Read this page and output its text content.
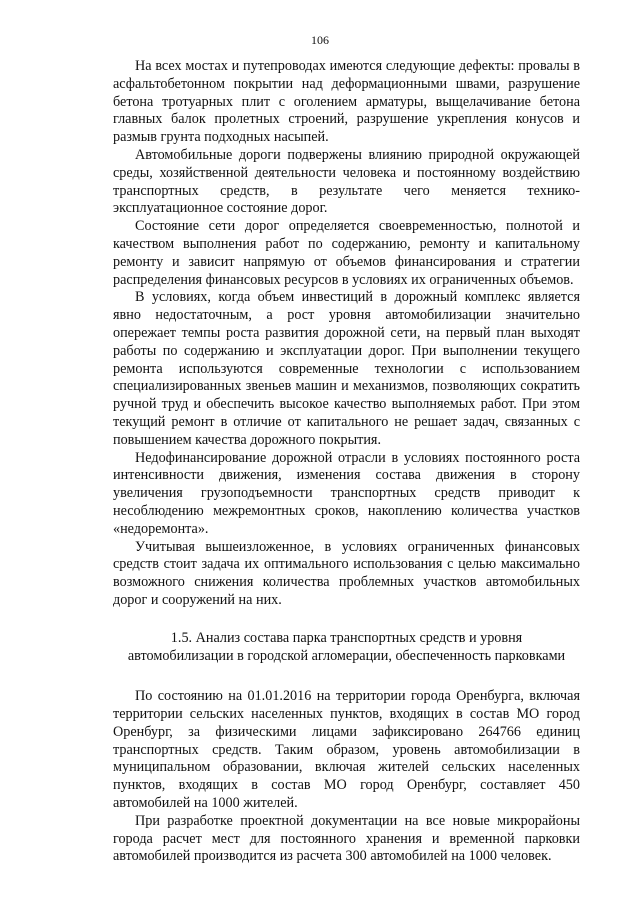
106

На всех мостах и путепроводах имеются следующие дефекты: провалы в асфальтобетонном покрытии над деформационными швами, разрушение бетона тротуарных плит с оголением арматуры, выщелачивание бетона главных балок пролетных строений, разрушение укрепления конусов и размыв грунта подходных насыпей.

Автомобильные дороги подвержены влиянию природной окружающей среды, хозяйственной деятельности человека и постоянному воздействию транспортных средств, в результате чего меняется технико-эксплуатационное состояние дорог.

Состояние сети дорог определяется своевременностью, полнотой и качеством выполнения работ по содержанию, ремонту и капитальному ремонту и зависит напрямую от объемов финансирования и стратегии распределения финансовых ресурсов в условиях их ограниченных объемов.

В условиях, когда объем инвестиций в дорожный комплекс является явно недостаточным, а рост уровня автомобилизации значительно опережает темпы роста развития дорожной сети, на первый план выходят работы по содержанию и эксплуатации дорог. При выполнении текущего ремонта используются современные технологии с использованием специализированных звеньев машин и механизмов, позволяющих сократить ручной труд и обеспечить высокое качество выполняемых работ. При этом текущий ремонт в отличие от капитального не решает задач, связанных с повышением качества дорожного покрытия.

Недофинансирование дорожной отрасли в условиях постоянного роста интенсивности движения, изменения состава движения в сторону увеличения грузоподъемности транспортных средств приводит к несоблюдению межремонтных сроков, накоплению количества участков «недоремонта».

Учитывая вышеизложенное, в условиях ограниченных финансовых средств стоит задача их оптимального использования с целью максимально возможного снижения количества проблемных участков автомобильных дорог и сооружений на них.

1.5. Анализ состава парка транспортных средств и уровня
автомобилизации в городской агломерации, обеспеченность парковками

По состоянию на 01.01.2016 на территории города Оренбурга, включая территории сельских населенных пунктов, входящих в состав МО город Оренбург, за физическими лицами зафиксировано 264766 единиц транспортных средств. Таким образом, уровень автомобилизации в муниципальном образовании, включая жителей сельских населенных пунктов, входящих в состав МО город Оренбург, составляет 450 автомобилей на 1000 жителей.

При разработке проектной документации на все новые микрорайоны города расчет мест для постоянного хранения и временной парковки автомобилей производится из расчета 300 автомобилей на 1000 человек.
